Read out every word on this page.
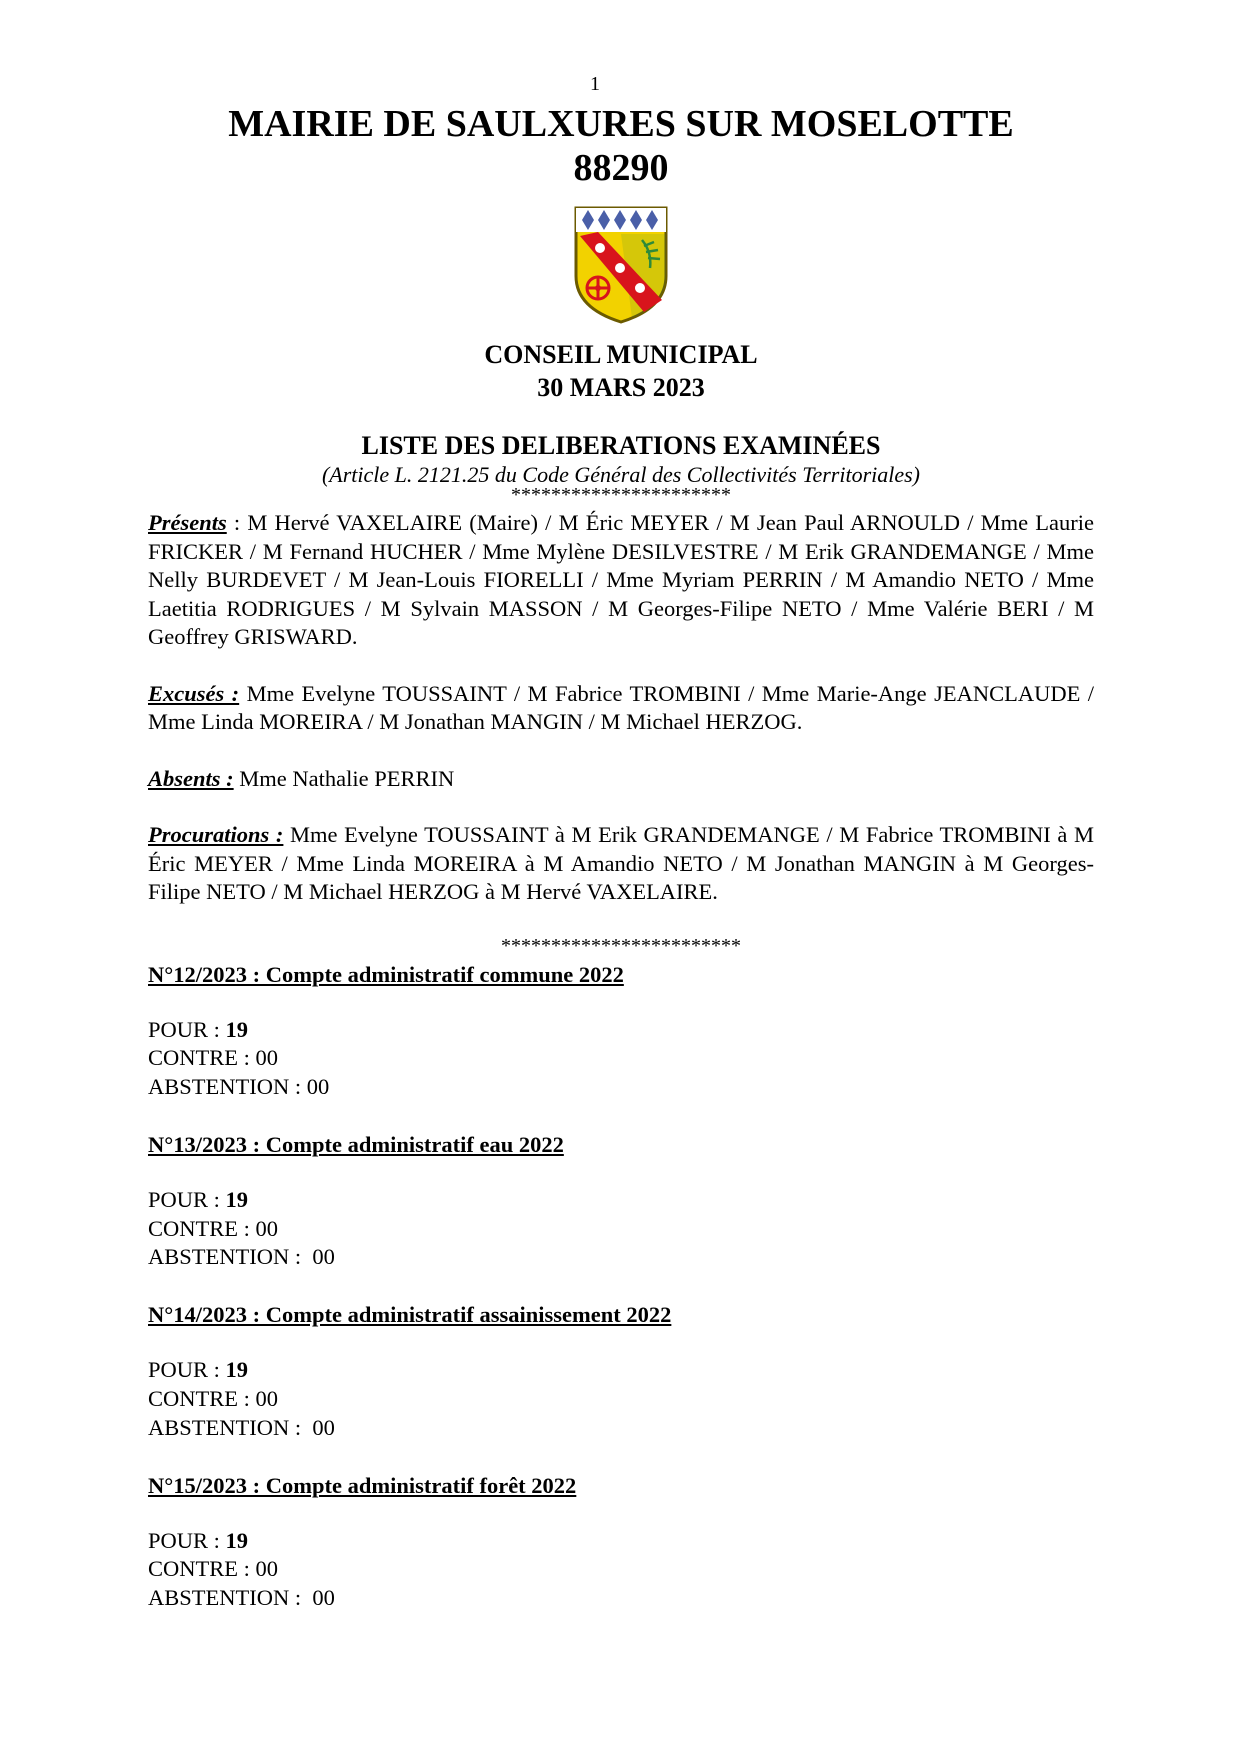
1
MAIRIE DE SAULXURES SUR MOSELOTTE
88290
CONSEIL MUNICIPAL
30 MARS 2023
LISTE DES DELIBERATIONS EXAMINÉES
(Article L. 2121.25 du Code Général des Collectivités Territoriales)
**********************

Présents : M Hervé VAXELAIRE (Maire) / M Éric MEYER / M Jean Paul ARNOULD / Mme Laurie FRICKER / M Fernand HUCHER / Mme Mylène DESILVESTRE / M Erik GRANDEMANGE / Mme Nelly BURDEVET / M Jean-Louis FIORELLI / Mme Myriam PERRIN / M Amandio NETO / Mme Laetitia RODRIGUES / M Sylvain MASSON / M Georges-Filipe NETO / Mme Valérie BERI / M Geoffrey GRISWARD.

Excusés : Mme Evelyne TOUSSAINT / M Fabrice TROMBINI / Mme Marie-Ange JEANCLAUDE / Mme Linda MOREIRA / M Jonathan MANGIN / M Michael HERZOG.

Absents : Mme Nathalie PERRIN

Procurations : Mme Evelyne TOUSSAINT à M Erik GRANDEMANGE / M Fabrice TROMBINI à M Éric MEYER / Mme Linda MOREIRA à M Amandio NETO / M Jonathan MANGIN à M Georges-Filipe NETO / M Michael HERZOG à M Hervé VAXELAIRE.

************************
N°12/2023 : Compte administratif commune 2022
POUR : 19
CONTRE : 00
ABSTENTION : 00
N°13/2023 : Compte administratif eau 2022
POUR : 19
CONTRE : 00
ABSTENTION :  00
N°14/2023 : Compte administratif assainissement 2022
POUR : 19
CONTRE : 00
ABSTENTION :  00
N°15/2023 : Compte administratif forêt 2022
POUR : 19
CONTRE : 00
ABSTENTION :  00
